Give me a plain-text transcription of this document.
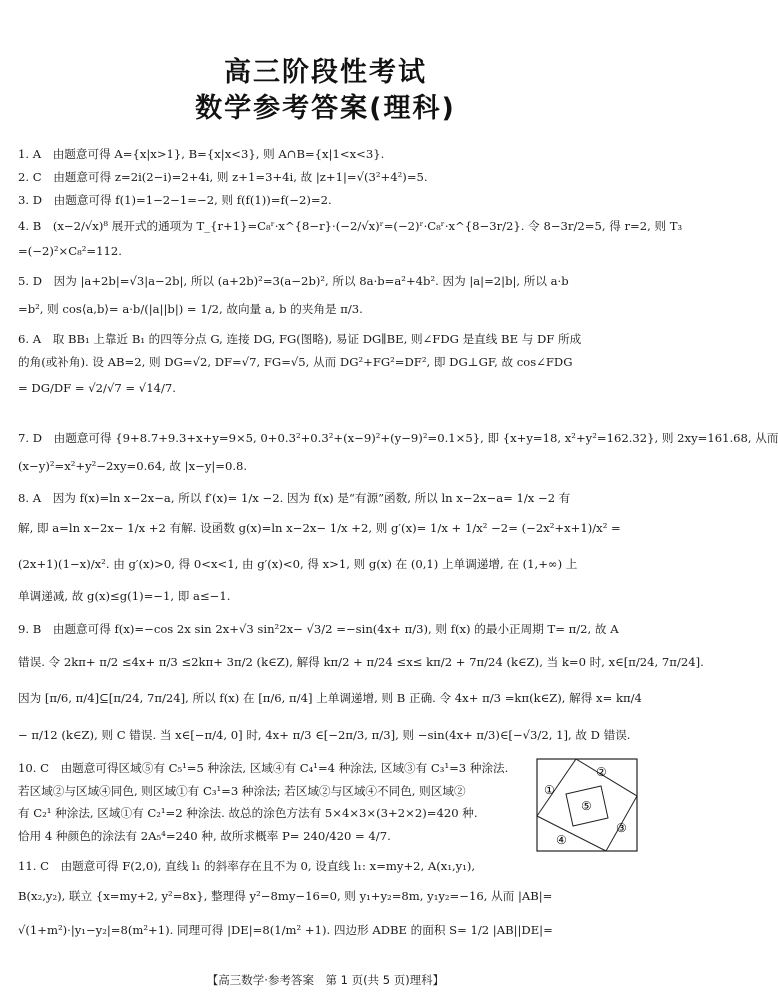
高三阶段性考试
数学参考答案(理科)
1. A　由题意可得 A={x|x>1}, B={x|x<3}, 则 A∩B={x|1<x<3}.
2. C　由题意可得 z=2i(2−i)=2+4i, 则 z+1=3+4i, 故 |z+1|=√(3²+4²)=5.
3. D　由题意可得 f(1)=1−2−1=−2, 则 f(f(1))=f(−2)=2.
4. B　(x−2/√x)⁸ 展开式的通项为 T_{r+1}=C₈ʳ·x^{8−r}·(−2/√x)ʳ=(−2)ʳ·C₈ʳ·x^{8−3r/2}. 令 8−3r/2=5, 得 r=2, 则 T₃
=(−2)²×C₈²=112.
5. D　因为 |a+2b|=√3|a−2b|, 所以 (a+2b)²=3(a−2b)², 所以 8a·b=a²+4b². 因为 |a|=2|b|, 所以 a·b
=b², 则 cos⟨a,b⟩= a·b/(|a||b|) = 1/2, 故向量 a, b 的夹角是 π/3.
6. A　取 BB₁ 上靠近 B₁ 的四等分点 G, 连接 DG, FG(图略), 易证 DG∥BE, 则∠FDG 是直线 BE 与 DF 所成
的角(或补角). 设 AB=2, 则 DG=√2, DF=√7, FG=√5, 从而 DG²+FG²=DF², 即 DG⊥GF, 故 cos∠FDG
= DG/DF = √2/√7 = √14/7.
7. D　由题意可得 {9+8.7+9.3+x+y=9×5, 0+0.3²+0.3²+(x−9)²+(y−9)²=0.1×5}, 即 {x+y=18, x²+y²=162.32}, 则 2xy=161.68, 从而
(x−y)²=x²+y²−2xy=0.64, 故 |x−y|=0.8.
8. A　因为 f(x)=ln x−2x−a, 所以 f′(x)= 1/x −2. 因为 f(x) 是“有源”函数, 所以 ln x−2x−a= 1/x −2 有
解, 即 a=ln x−2x− 1/x +2 有解. 设函数 g(x)=ln x−2x− 1/x +2, 则 g′(x)= 1/x + 1/x² −2= (−2x²+x+1)/x² =
(2x+1)(1−x)/x². 由 g′(x)>0, 得 0<x<1, 由 g′(x)<0, 得 x>1, 则 g(x) 在 (0,1) 上单调递增, 在 (1,+∞) 上
单调递减, 故 g(x)≤g(1)=−1, 即 a≤−1.
9. B　由题意可得 f(x)=−cos 2x sin 2x+√3 sin²2x− √3/2 =−sin(4x+ π/3), 则 f(x) 的最小正周期 T= π/2, 故 A
错误. 令 2kπ+ π/2 ≤4x+ π/3 ≤2kπ+ 3π/2 (k∈Z), 解得 kπ/2 + π/24 ≤x≤ kπ/2 + 7π/24 (k∈Z), 当 k=0 时, x∈[π/24, 7π/24].
因为 [π/6, π/4]⊆[π/24, 7π/24], 所以 f(x) 在 [π/6, π/4] 上单调递增, 则 B 正确. 令 4x+ π/3 =kπ(k∈Z), 解得 x= kπ/4
− π/12 (k∈Z), 则 C 错误. 当 x∈[−π/4, 0] 时, 4x+ π/3 ∈[−2π/3, π/3], 则 −sin(4x+ π/3)∈[−√3/2, 1], 故 D 错误.
10. C　由题意可得区域⑤有 C₅¹=5 种涂法, 区域④有 C₄¹=4 种涂法, 区域③有 C₃¹=3 种涂法.
若区域②与区域④同色, 则区域①有 C₃¹=3 种涂法; 若区域②与区域④不同色, 则区域②
有 C₂¹ 种涂法, 区域①有 C₂¹=2 种涂法. 故总的涂色方法有 5×4×3×(3+2×2)=420 种.
恰用 4 种颜色的涂法有 2A₅⁴=240 种, 故所求概率 P= 240/420 = 4/7.
11. C　由题意可得 F(2,0), 直线 l₁ 的斜率存在且不为 0, 设直线 l₁: x=my+2, A(x₁,y₁),
B(x₂,y₂), 联立 {x=my+2, y²=8x}, 整理得 y²−8my−16=0, 则 y₁+y₂=8m, y₁y₂=−16, 从而 |AB|=
√(1+m²)·|y₁−y₂|=8(m²+1). 同理可得 |DE|=8(1/m² +1). 四边形 ADBE 的面积 S= 1/2 |AB||DE|=
①
②
③
④
⑤
【高三数学·参考答案　第 1 页(共 5 页)理科】
